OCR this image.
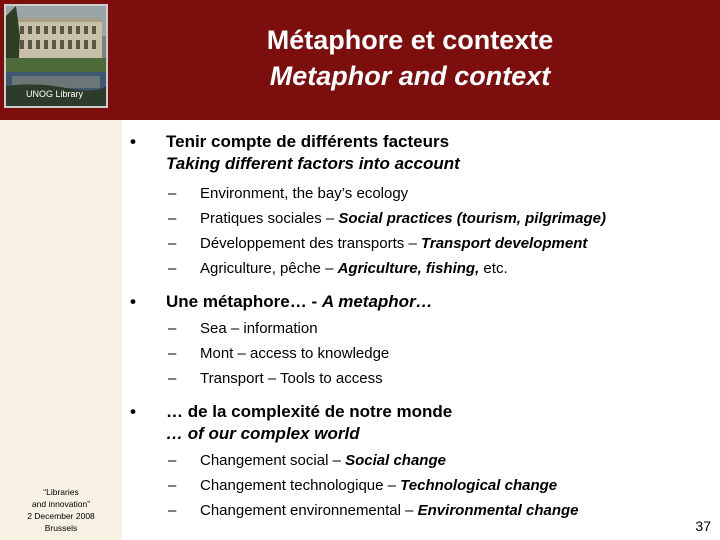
UNOG Library
Métaphore et contexte
Metaphor and context
•	Tenir compte de différents facteurs
Taking different factors into account
– Environment, the bay’s ecology
– Pratiques sociales – Social practices (tourism, pilgrimage)
– Développement des transports – Transport development
– Agriculture, pêche – Agriculture, fishing, etc.
•	Une métaphore… - A metaphor…
– Sea – information
– Mont – access to knowledge
– Transport – Tools to access
•	… de la complexité de notre monde
… of our complex world
– Changement social – Social change
– Changement technologique – Technological change
– Changement environnemental – Environmental change
“Libraries
and innovation”
2 December 2008
Brussels	37
